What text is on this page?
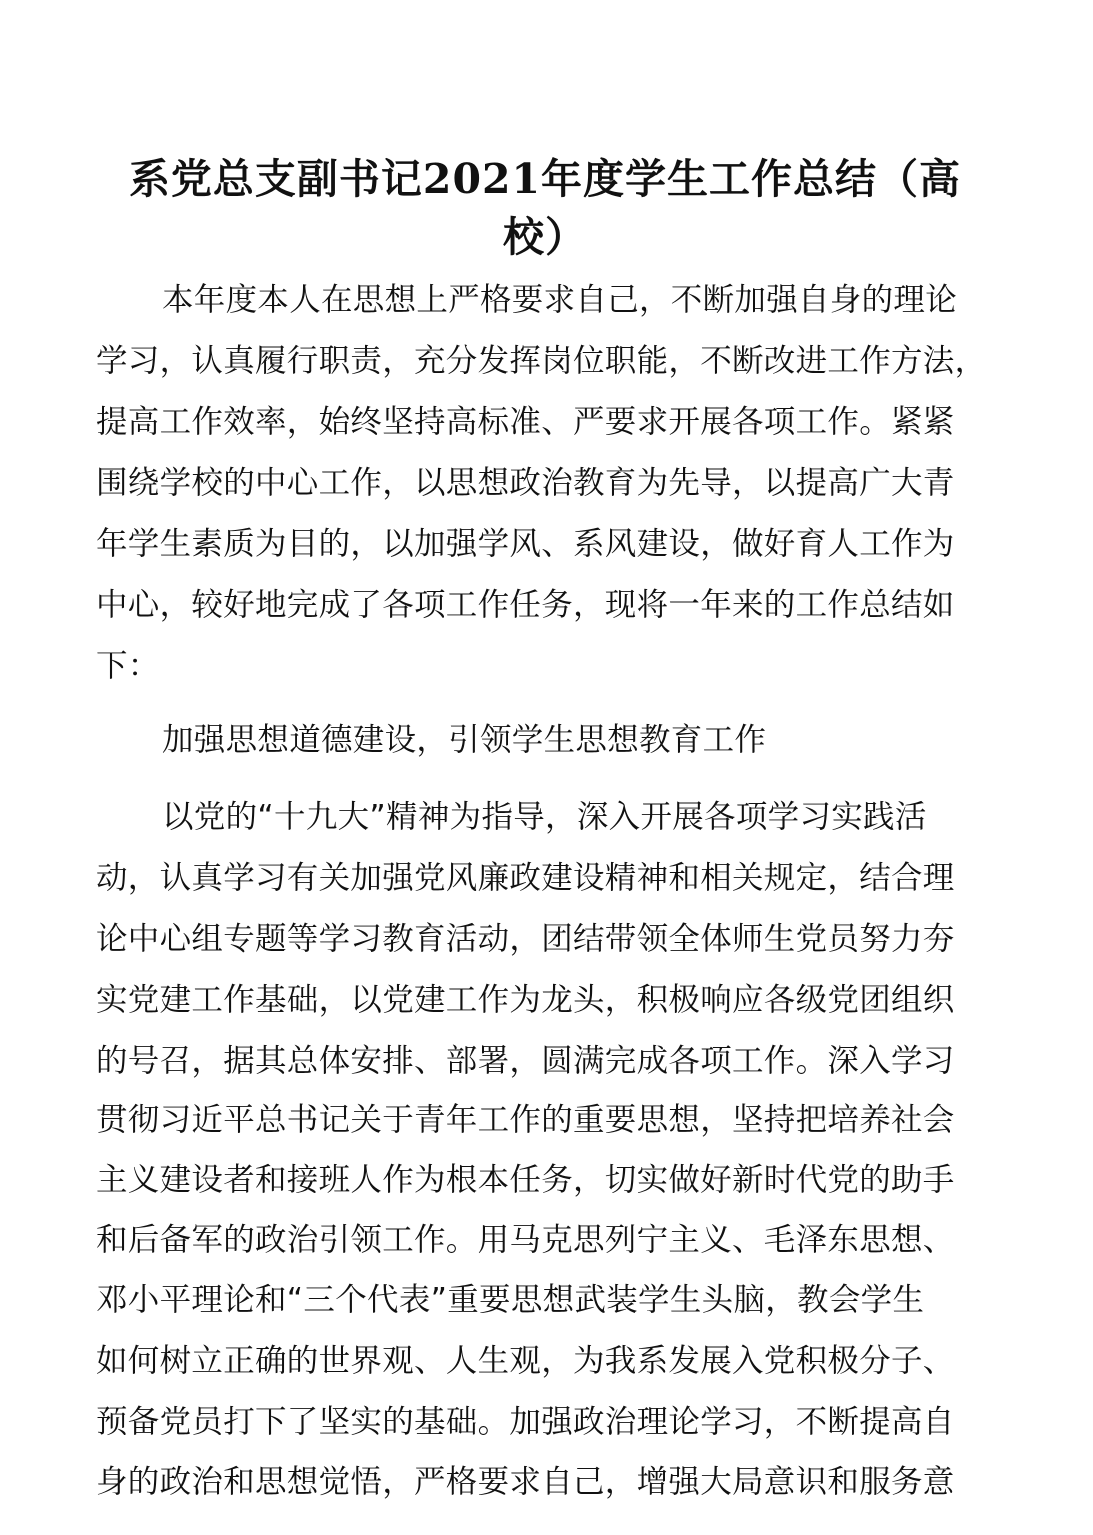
系党总支副书记2021年度学生工作总结（高
校）
本年度本人在思想上严格要求自己，不断加强自身的理论
学习，认真履行职责，充分发挥岗位职能，不断改进工作方法，
提高工作效率，始终坚持高标准、严要求开展各项工作。紧紧
围绕学校的中心工作，以思想政治教育为先导，以提高广大青
年学生素质为目的，以加强学风、系风建设，做好育人工作为
中心，较好地完成了各项工作任务，现将一年来的工作总结如
下：
加强思想道德建设，引领学生思想教育工作
以党的“十九大”精神为指导，深入开展各项学习实践活
动，认真学习有关加强党风廉政建设精神和相关规定，结合理
论中心组专题等学习教育活动，团结带领全体师生党员努力夯
实党建工作基础，以党建工作为龙头，积极响应各级党团组织
的号召，据其总体安排、部署，圆满完成各项工作。深入学习
贯彻习近平总书记关于青年工作的重要思想，坚持把培养社会
主义建设者和接班人作为根本任务，切实做好新时代党的助手
和后备军的政治引领工作。用马克思列宁主义、毛泽东思想、
邓小平理论和“三个代表”重要思想武装学生头脑，教会学生
如何树立正确的世界观、人生观，为我系发展入党积极分子、
预备党员打下了坚实的基础。加强政治理论学习，不断提高自
身的政治和思想觉悟，严格要求自己，增强大局意识和服务意
